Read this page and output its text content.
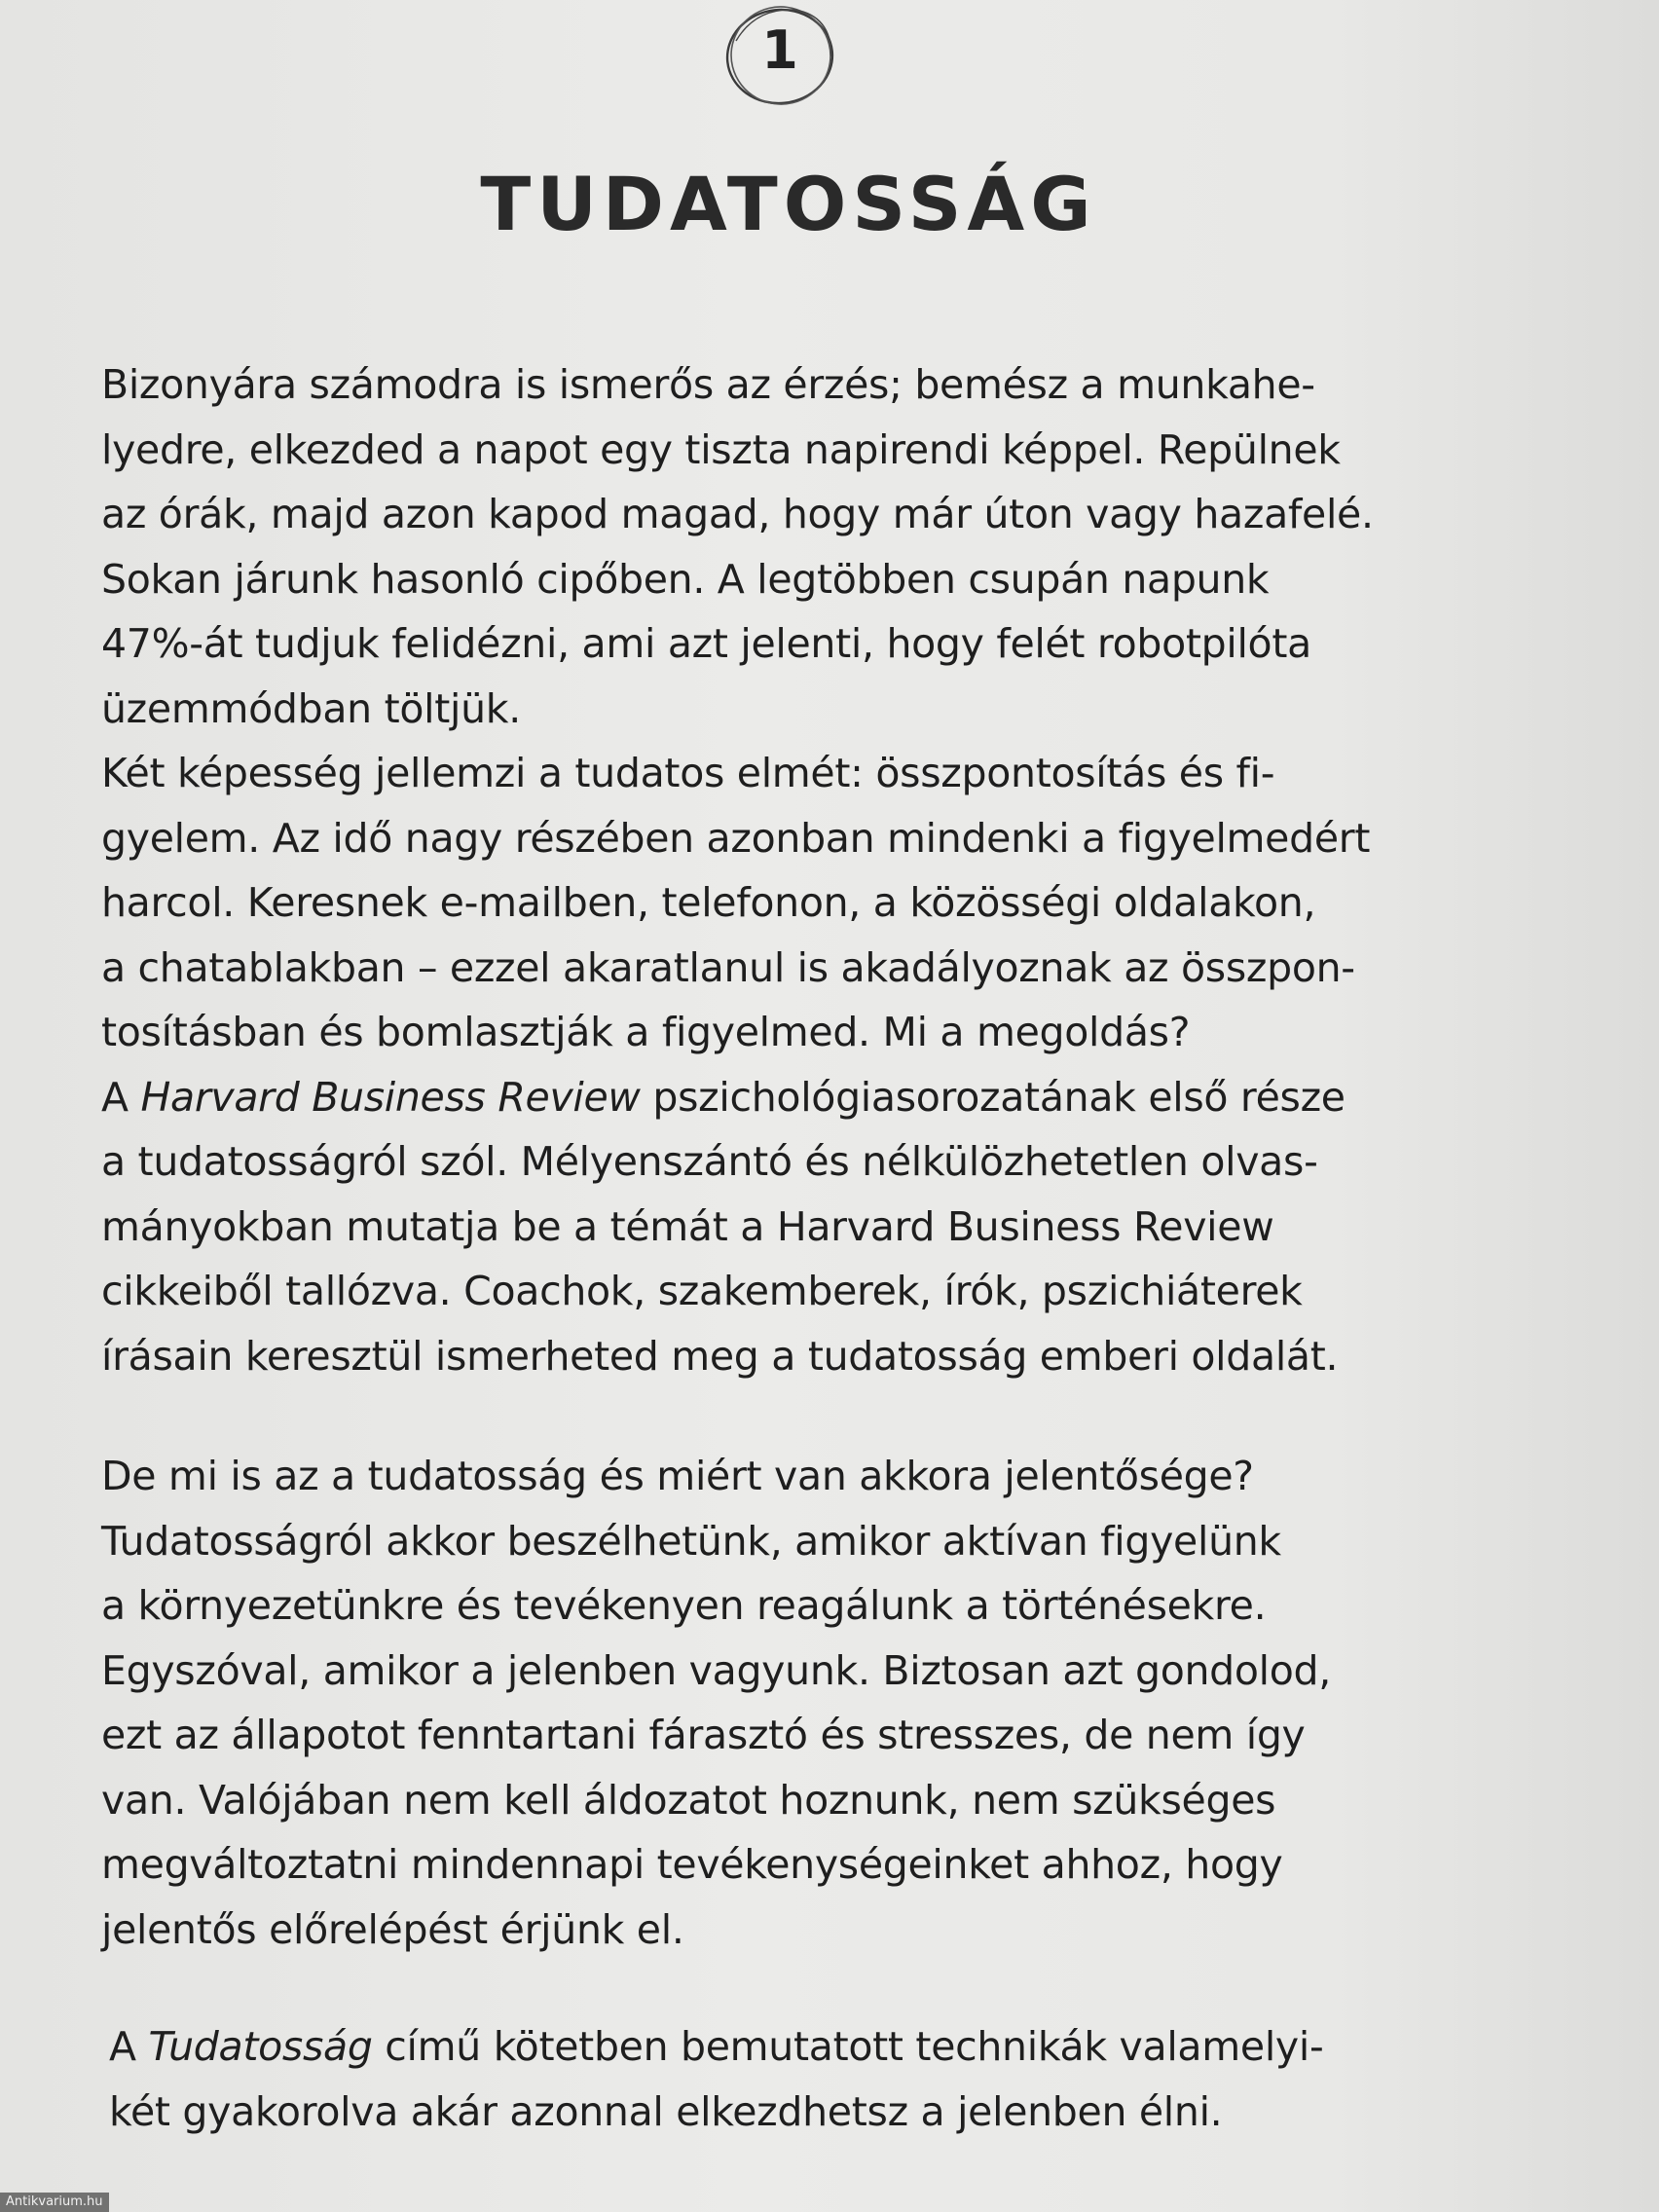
1
TUDATOSSÁG
Bizonyára számodra is ismerős az érzés; bemész a munkahe-
lyedre, elkezded a napot egy tiszta napirendi képpel. Repülnek
az órák, majd azon kapod magad, hogy már úton vagy hazafelé.
Sokan járunk hasonló cipőben. A legtöbben csupán napunk
47%-át tudjuk felidézni, ami azt jelenti, hogy felét robotpilóta
üzemmódban töltjük.
Két képesség jellemzi a tudatos elmét: összpontosítás és fi-
gyelem. Az idő nagy részében azonban mindenki a figyelmedért
harcol. Keresnek e-mailben, telefonon, a közösségi oldalakon,
a chatablakban – ezzel akaratlanul is akadályoznak az összpon-
tosításban és bomlasztják a figyelmed. Mi a megoldás?
A Harvard Business Review pszichológiasorozatának első része
a tudatosságról szól. Mélyenszántó és nélkülözhetetlen olvas-
mányokban mutatja be a témát a Harvard Business Review
cikkeiből tallózva. Coachok, szakemberek, írók, pszichiáterek
írásain keresztül ismerheted meg a tudatosság emberi oldalát.
De mi is az a tudatosság és miért van akkora jelentősége?
Tudatosságról akkor beszélhetünk, amikor aktívan figyelünk
a környezetünkre és tevékenyen reagálunk a történésekre.
Egyszóval, amikor a jelenben vagyunk. Biztosan azt gondolod,
ezt az állapotot fenntartani fárasztó és stresszes, de nem így
van. Valójában nem kell áldozatot hoznunk, nem szükséges
megváltoztatni mindennapi tevékenységeinket ahhoz, hogy
jelentős előrelépést érjünk el.
A Tudatosság című kötetben bemutatott technikák valamelyi-
két gyakorolva akár azonnal elkezdhetsz a jelenben élni.
Antikvarium.hu
